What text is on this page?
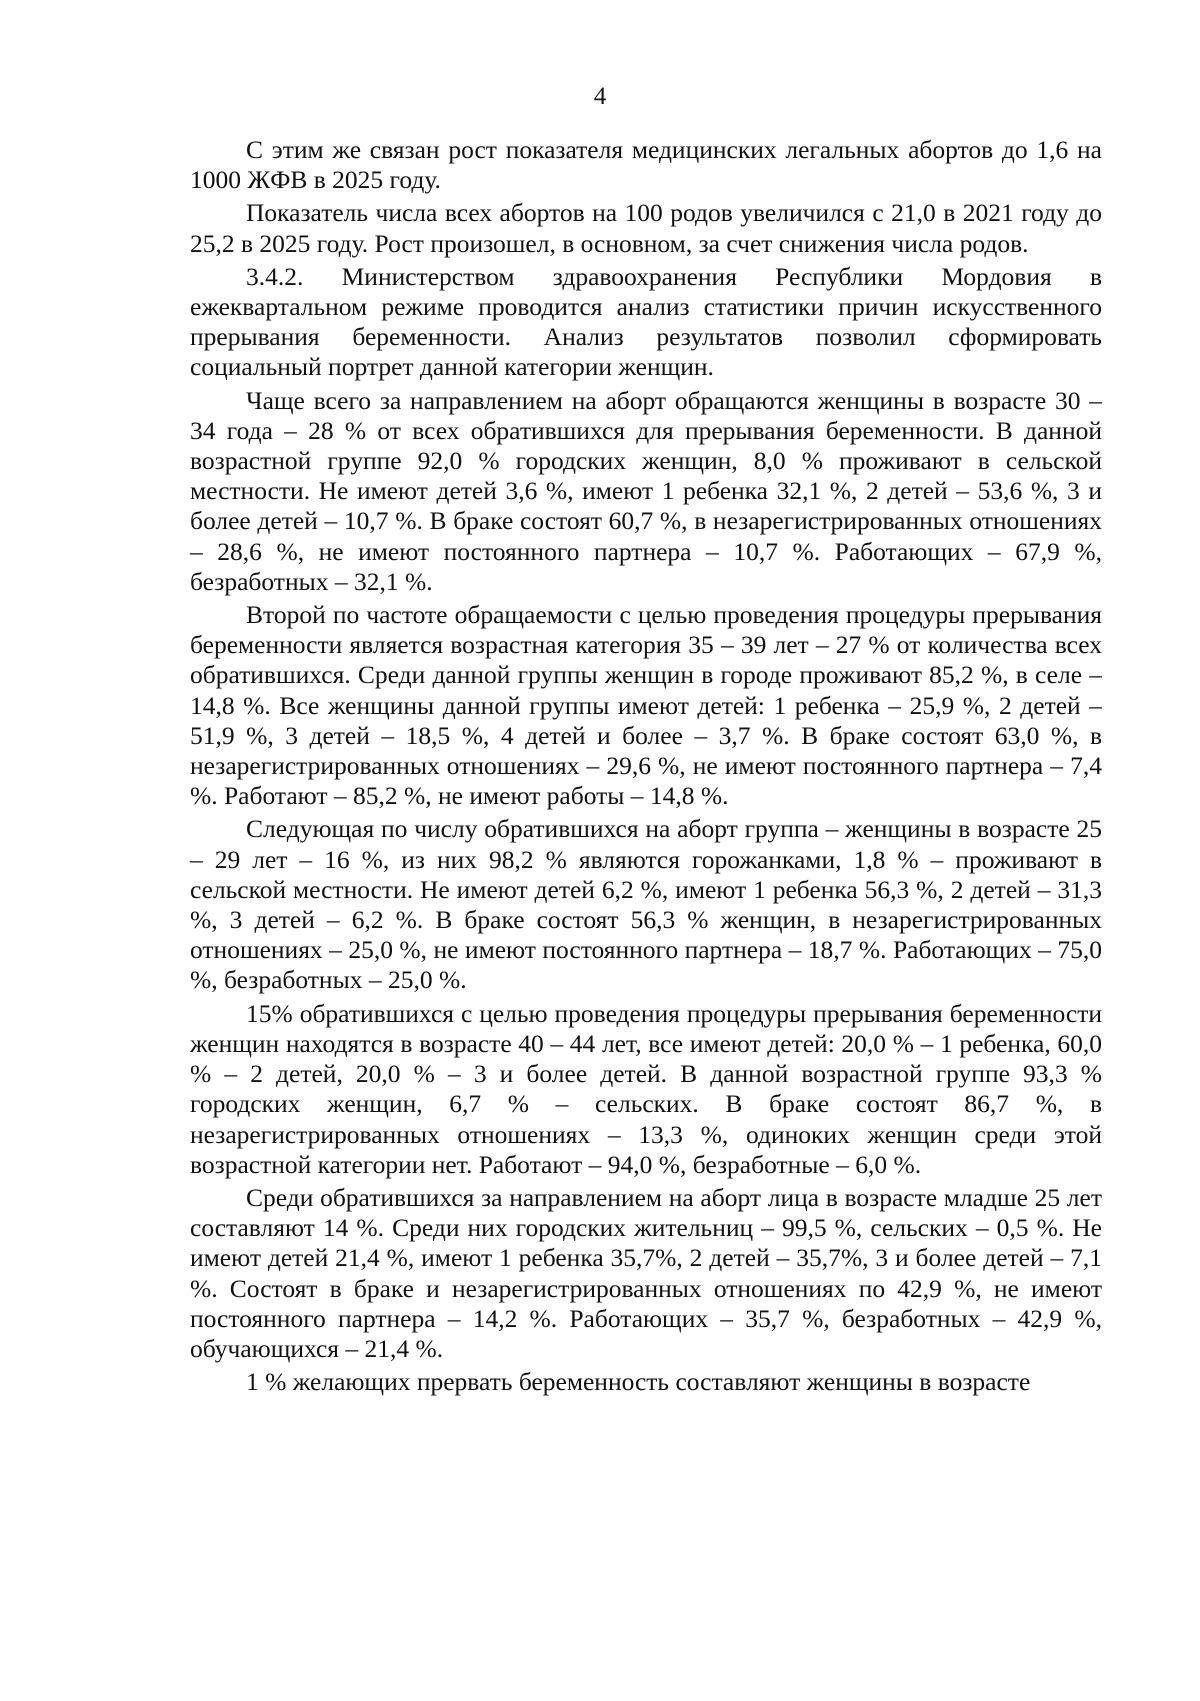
4

С этим же связан рост показателя медицинских легальных абортов до 1,6 на 1000 ЖФВ в 2025 году.

Показатель числа всех абортов на 100 родов увеличился с 21,0 в 2021 году до 25,2 в 2025 году. Рост произошел, в основном, за счет снижения числа родов.

3.4.2. Министерством здравоохранения Республики Мордовия в ежеквартальном режиме проводится анализ статистики причин искусственного прерывания беременности. Анализ результатов позволил сформировать социальный портрет данной категории женщин.

Чаще всего за направлением на аборт обращаются женщины в возрасте 30 – 34 года – 28 % от всех обратившихся для прерывания беременности. В данной возрастной группе 92,0 % городских женщин, 8,0 % проживают в сельской местности. Не имеют детей 3,6 %, имеют 1 ребенка 32,1 %, 2 детей – 53,6 %, 3 и более детей – 10,7 %. В браке состоят 60,7 %, в незарегистрированных отношениях – 28,6 %, не имеют постоянного партнера – 10,7 %. Работающих – 67,9 %, безработных – 32,1 %.

Второй по частоте обращаемости с целью проведения процедуры прерывания беременности является возрастная категория 35 – 39 лет – 27 % от количества всех обратившихся. Среди данной группы женщин в городе проживают 85,2 %, в селе – 14,8 %. Все женщины данной группы имеют детей: 1 ребенка – 25,9 %, 2 детей – 51,9 %, 3 детей – 18,5 %, 4 детей и более – 3,7 %. В браке состоят 63,0 %, в незарегистрированных отношениях – 29,6 %, не имеют постоянного партнера – 7,4 %. Работают – 85,2 %, не имеют работы – 14,8 %.

Следующая по числу обратившихся на аборт группа – женщины в возрасте 25 – 29 лет – 16 %, из них 98,2 % являются горожанками, 1,8 % – проживают в сельской местности. Не имеют детей 6,2 %, имеют 1 ребенка 56,3 %, 2 детей – 31,3 %, 3 детей – 6,2 %. В браке состоят 56,3 % женщин, в незарегистрированных отношениях – 25,0 %, не имеют постоянного партнера – 18,7 %. Работающих – 75,0 %, безработных – 25,0 %.

15% обратившихся с целью проведения процедуры прерывания беременности женщин находятся в возрасте 40 – 44 лет, все имеют детей: 20,0 % – 1 ребенка, 60,0 % – 2 детей, 20,0 % – 3 и более детей. В данной возрастной группе 93,3 % городских женщин, 6,7 % – сельских. В браке состоят 86,7 %, в незарегистрированных отношениях – 13,3 %, одиноких женщин среди этой возрастной категории нет. Работают – 94,0 %, безработные – 6,0 %.

Среди обратившихся за направлением на аборт лица в возрасте младше 25 лет составляют 14 %. Среди них городских жительниц – 99,5 %, сельских – 0,5 %. Не имеют детей 21,4 %, имеют 1 ребенка 35,7%, 2 детей – 35,7%, 3 и более детей – 7,1 %. Состоят в браке и незарегистрированных отношениях по 42,9 %, не имеют постоянного партнера – 14,2 %. Работающих – 35,7 %, безработных – 42,9 %, обучающихся – 21,4 %.

1 % желающих прервать беременность составляют женщины в возрасте
